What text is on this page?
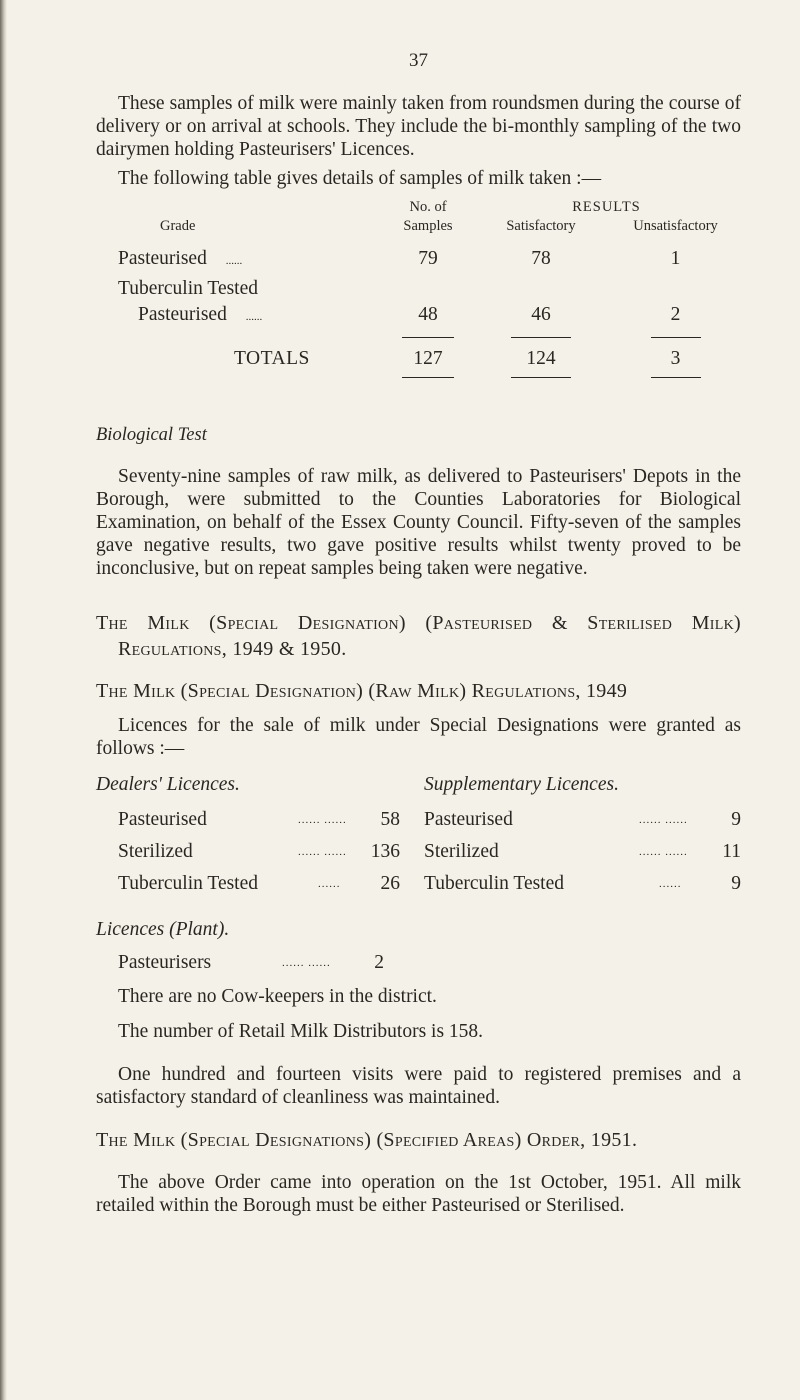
37

These samples of milk were mainly taken from roundsmen during the course of delivery or on arrival at schools. They include the bi-monthly sampling of the two dairymen holding Pasteurisers' Licences.

The following table gives details of samples of milk taken :—

No. of	RESULTS
Grade	Samples	Satisfactory	Unsatisfactory
Pasteurised ......	79	78	1
Tuberculin Tested
Pasteurised ......	48	46	2
TOTALS	127	124	3

Biological Test

Seventy-nine samples of raw milk, as delivered to Pasteurisers' Depots in the Borough, were submitted to the Counties Laboratories for Biological Examination, on behalf of the Essex County Council. Fifty-seven of the samples gave negative results, two gave positive results whilst twenty proved to be inconclusive, but on repeat samples being taken were negative.

The Milk (Special Designation) (Pasteurised & Sterilised Milk) Regulations, 1949 & 1950.

The Milk (Special Designation) (Raw Milk) Regulations, 1949

Licences for the sale of milk under Special Designations were granted as follows :—

Dealers' Licences.
Pasteurised	...... ......	58
Sterilized	...... ......	136
Tuberculin Tested	......	26
Supplementary Licences.
Pasteurised	...... ......	9
Sterilized	...... ......	11
Tuberculin Tested	......	9

Licences (Plant).

Pasteurisers	...... ......	2

There are no Cow-keepers in the district.

The number of Retail Milk Distributors is 158.

One hundred and fourteen visits were paid to registered premises and a satisfactory standard of cleanliness was maintained.

The Milk (Special Designations) (Specified Areas) Order, 1951.

The above Order came into operation on the 1st October, 1951. All milk retailed within the Borough must be either Pasteurised or Sterilised.
